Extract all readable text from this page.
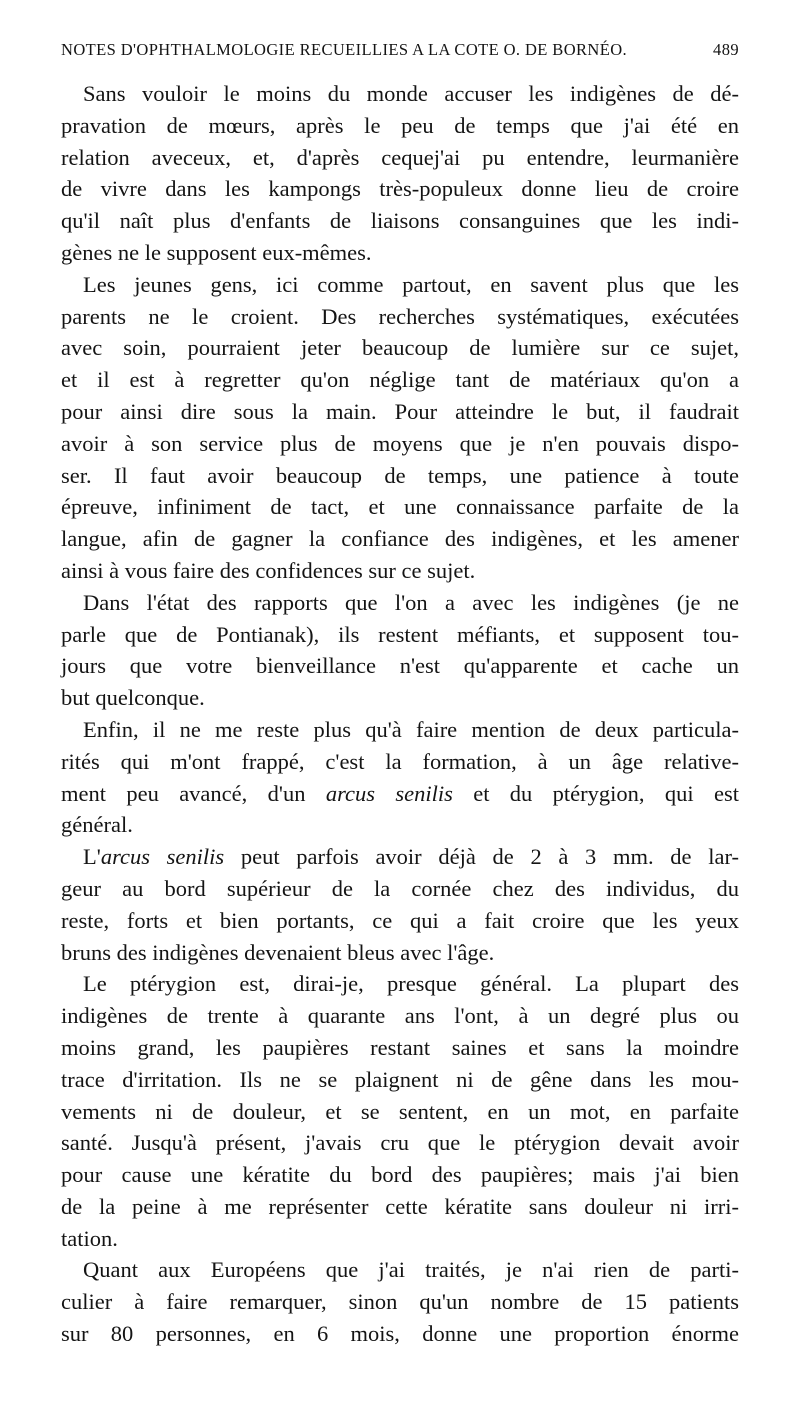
NOTES D'OPHTHALMOLOGIE RECUEILLIES A LA COTE O. DE BORNÉO.	489

Sans vouloir le moins du monde accuser les indigènes de dé-
pravation de mœurs, après le peu de temps que j'ai été en
relation aveceux, et, d'après cequej'ai pu entendre, leurmanière
de vivre dans les kampongs très-populeux donne lieu de croire
qu'il naît plus d'enfants de liaisons consanguines que les indi-
gènes ne le supposent eux-mêmes.

Les jeunes gens, ici comme partout, en savent plus que les
parents ne le croient. Des recherches systématiques, exécutées
avec soin, pourraient jeter beaucoup de lumière sur ce sujet,
et il est à regretter qu'on néglige tant de matériaux qu'on a
pour ainsi dire sous la main. Pour atteindre le but, il faudrait
avoir à son service plus de moyens que je n'en pouvais dispo-
ser. Il faut avoir beaucoup de temps, une patience à toute
épreuve, infiniment de tact, et une connaissance parfaite de la
langue, afin de gagner la confiance des indigènes, et les amener
ainsi à vous faire des confidences sur ce sujet.

Dans l'état des rapports que l'on a avec les indigènes (je ne
parle que de Pontianak), ils restent méfiants, et supposent tou-
jours que votre bienveillance n'est qu'apparente et cache un
but quelconque.

Enfin, il ne me reste plus qu'à faire mention de deux particula-
rités qui m'ont frappé, c'est la formation, à un âge relative-
ment peu avancé, d'un arcus senilis et du ptérygion, qui est
général.

L'arcus senilis peut parfois avoir déjà de 2 à 3 mm. de lar-
geur au bord supérieur de la cornée chez des individus, du
reste, forts et bien portants, ce qui a fait croire que les yeux
bruns des indigènes devenaient bleus avec l'âge.

Le ptérygion est, dirai-je, presque général. La plupart des
indigènes de trente à quarante ans l'ont, à un degré plus ou
moins grand, les paupières restant saines et sans la moindre
trace d'irritation. Ils ne se plaignent ni de gêne dans les mou-
vements ni de douleur, et se sentent, en un mot, en parfaite
santé. Jusqu'à présent, j'avais cru que le ptérygion devait avoir
pour cause une kératite du bord des paupières; mais j'ai bien
de la peine à me représenter cette kératite sans douleur ni irri-
tation.

Quant aux Européens que j'ai traités, je n'ai rien de parti-
culier à faire remarquer, sinon qu'un nombre de 15 patients
sur 80 personnes, en 6 mois, donne une proportion énorme
